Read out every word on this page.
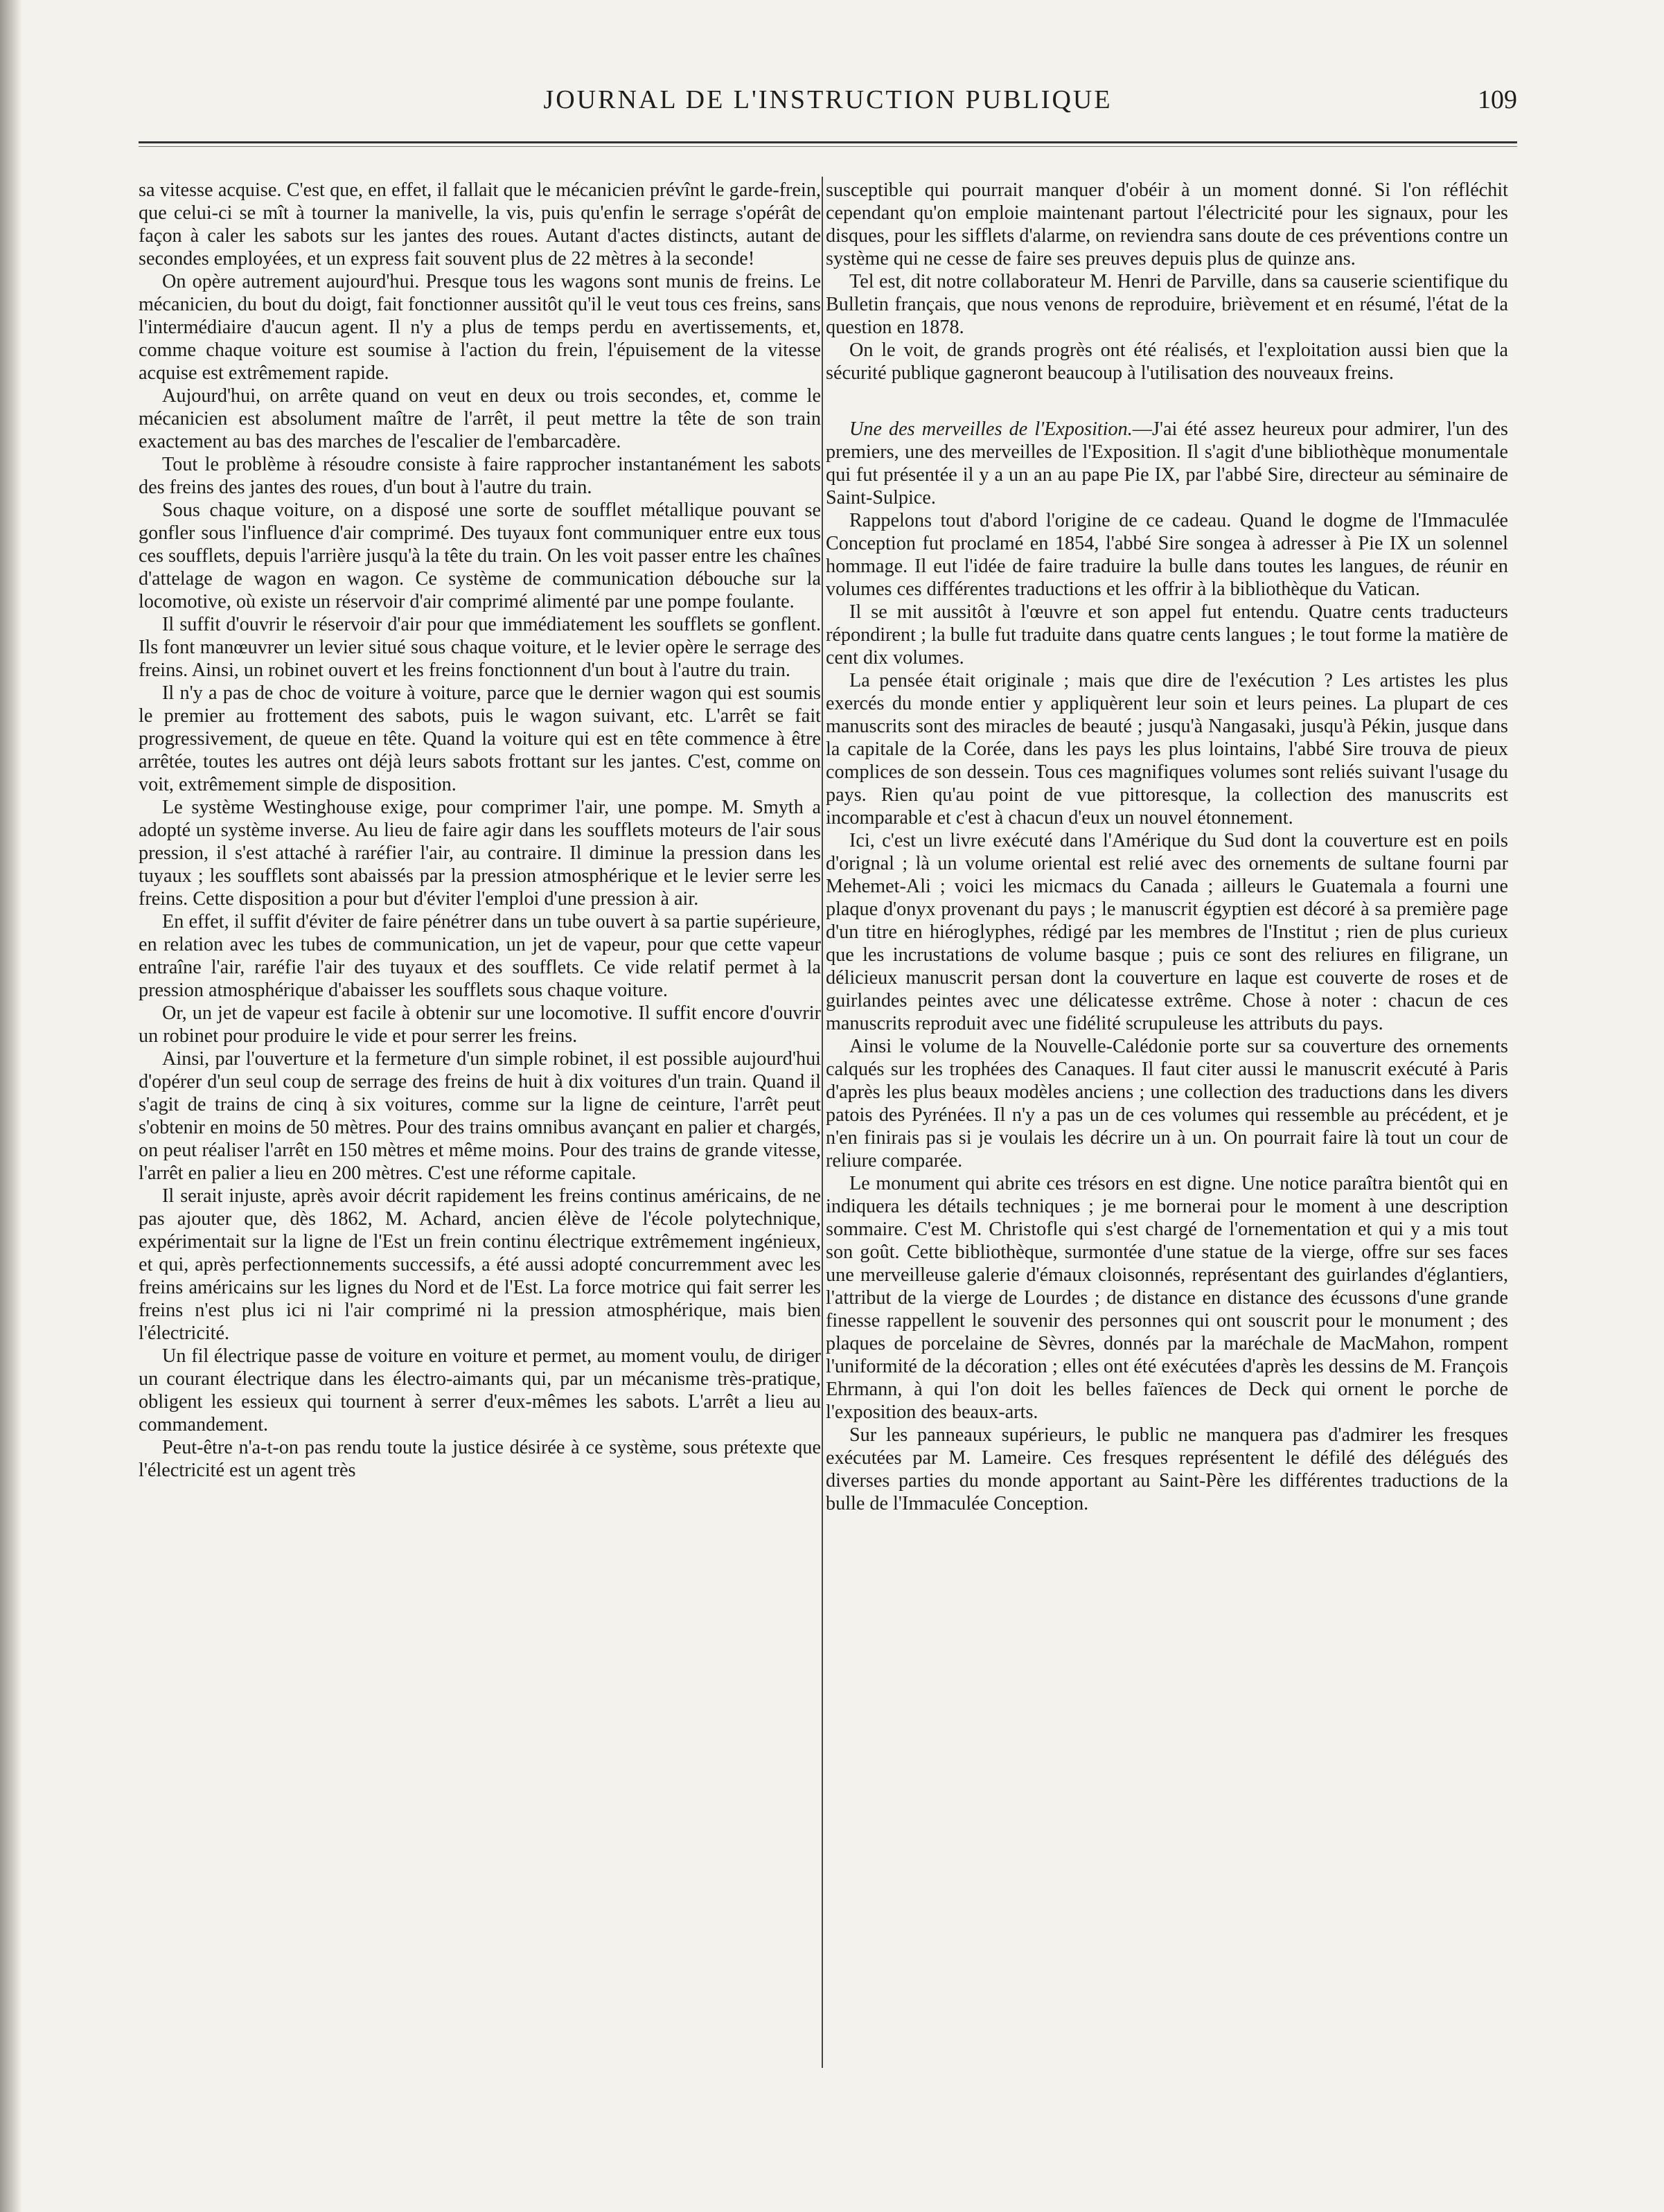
JOURNAL DE L'INSTRUCTION PUBLIQUE	109

sa vitesse acquise. C'est que, en effet, il fallait que le mécanicien prévînt le garde-frein, que celui-ci se mît à tourner la manivelle, la vis, puis qu'enfin le serrage s'opérât de façon à caler les sabots sur les jantes des roues. Autant d'actes distincts, autant de secondes employées, et un express fait souvent plus de 22 mètres à la seconde!

On opère autrement aujourd'hui. Presque tous les wagons sont munis de freins. Le mécanicien, du bout du doigt, fait fonctionner aussitôt qu'il le veut tous ces freins, sans l'intermédiaire d'aucun agent. Il n'y a plus de temps perdu en avertissements, et, comme chaque voiture est soumise à l'action du frein, l'épuisement de la vitesse acquise est extrêmement rapide.

Aujourd'hui, on arrête quand on veut en deux ou trois secondes, et, comme le mécanicien est absolument maître de l'arrêt, il peut mettre la tête de son train exactement au bas des marches de l'escalier de l'embarcadère.

Tout le problème à résoudre consiste à faire rapprocher instantanément les sabots des freins des jantes des roues, d'un bout à l'autre du train.

Sous chaque voiture, on a disposé une sorte de soufflet métallique pouvant se gonfler sous l'influence d'air comprimé. Des tuyaux font communiquer entre eux tous ces soufflets, depuis l'arrière jusqu'à la tête du train. On les voit passer entre les chaînes d'attelage de wagon en wagon. Ce système de communication débouche sur la locomotive, où existe un réservoir d'air comprimé alimenté par une pompe foulante.

Il suffit d'ouvrir le réservoir d'air pour que immédiatement les soufflets se gonflent. Ils font manœuvrer un levier situé sous chaque voiture, et le levier opère le serrage des freins. Ainsi, un robinet ouvert et les freins fonctionnent d'un bout à l'autre du train.

Il n'y a pas de choc de voiture à voiture, parce que le dernier wagon qui est soumis le premier au frottement des sabots, puis le wagon suivant, etc. L'arrêt se fait progressivement, de queue en tête. Quand la voiture qui est en tête commence à être arrêtée, toutes les autres ont déjà leurs sabots frottant sur les jantes. C'est, comme on voit, extrêmement simple de disposition.

Le système Westinghouse exige, pour comprimer l'air, une pompe. M. Smyth a adopté un système inverse. Au lieu de faire agir dans les soufflets moteurs de l'air sous pression, il s'est attaché à raréfier l'air, au contraire. Il diminue la pression dans les tuyaux ; les soufflets sont abaissés par la pression atmosphérique et le levier serre les freins. Cette disposition a pour but d'éviter l'emploi d'une pression à air.

En effet, il suffit d'éviter de faire pénétrer dans un tube ouvert à sa partie supérieure, en relation avec les tubes de communication, un jet de vapeur, pour que cette vapeur entraîne l'air, raréfie l'air des tuyaux et des soufflets. Ce vide relatif permet à la pression atmosphérique d'abaisser les soufflets sous chaque voiture.

Or, un jet de vapeur est facile à obtenir sur une locomotive. Il suffit encore d'ouvrir un robinet pour produire le vide et pour serrer les freins.

Ainsi, par l'ouverture et la fermeture d'un simple robinet, il est possible aujourd'hui d'opérer d'un seul coup de serrage des freins de huit à dix voitures d'un train. Quand il s'agit de trains de cinq à six voitures, comme sur la ligne de ceinture, l'arrêt peut s'obtenir en moins de 50 mètres. Pour des trains omnibus avançant en palier et chargés, on peut réaliser l'arrêt en 150 mètres et même moins. Pour des trains de grande vitesse, l'arrêt en palier a lieu en 200 mètres. C'est une réforme capitale.

Il serait injuste, après avoir décrit rapidement les freins continus américains, de ne pas ajouter que, dès 1862, M. Achard, ancien élève de l'école polytechnique, expérimentait sur la ligne de l'Est un frein continu électrique extrêmement ingénieux, et qui, après perfectionnements successifs, a été aussi adopté concurremment avec les freins américains sur les lignes du Nord et de l'Est. La force motrice qui fait serrer les freins n'est plus ici ni l'air comprimé ni la pression atmosphérique, mais bien l'électricité.

Un fil électrique passe de voiture en voiture et permet, au moment voulu, de diriger un courant électrique dans les électro-aimants qui, par un mécanisme très-pratique, obligent les essieux qui tournent à serrer d'eux-mêmes les sabots. L'arrêt a lieu au commandement.

Peut-être n'a-t-on pas rendu toute la justice désirée à ce système, sous prétexte que l'électricité est un agent très

susceptible qui pourrait manquer d'obéir à un moment donné. Si l'on réfléchit cependant qu'on emploie maintenant partout l'électricité pour les signaux, pour les disques, pour les sifflets d'alarme, on reviendra sans doute de ces préventions contre un système qui ne cesse de faire ses preuves depuis plus de quinze ans.

Tel est, dit notre collaborateur M. Henri de Parville, dans sa causerie scientifique du Bulletin français, que nous venons de reproduire, brièvement et en résumé, l'état de la question en 1878.

On le voit, de grands progrès ont été réalisés, et l'exploitation aussi bien que la sécurité publique gagneront beaucoup à l'utilisation des nouveaux freins.

Une des merveilles de l'Exposition.—J'ai été assez heureux pour admirer, l'un des premiers, une des merveilles de l'Exposition. Il s'agit d'une bibliothèque monumentale qui fut présentée il y a un an au pape Pie IX, par l'abbé Sire, directeur au séminaire de Saint-Sulpice.

Rappelons tout d'abord l'origine de ce cadeau. Quand le dogme de l'Immaculée Conception fut proclamé en 1854, l'abbé Sire songea à adresser à Pie IX un solennel hommage. Il eut l'idée de faire traduire la bulle dans toutes les langues, de réunir en volumes ces différentes traductions et les offrir à la bibliothèque du Vatican.

Il se mit aussitôt à l'œuvre et son appel fut entendu. Quatre cents traducteurs répondirent ; la bulle fut traduite dans quatre cents langues ; le tout forme la matière de cent dix volumes.

La pensée était originale ; mais que dire de l'exécution ? Les artistes les plus exercés du monde entier y appliquèrent leur soin et leurs peines. La plupart de ces manuscrits sont des miracles de beauté ; jusqu'à Nangasaki, jusqu'à Pékin, jusque dans la capitale de la Corée, dans les pays les plus lointains, l'abbé Sire trouva de pieux complices de son dessein. Tous ces magnifiques volumes sont reliés suivant l'usage du pays. Rien qu'au point de vue pittoresque, la collection des manuscrits est incomparable et c'est à chacun d'eux un nouvel étonnement.

Ici, c'est un livre exécuté dans l'Amérique du Sud dont la couverture est en poils d'orignal ; là un volume oriental est relié avec des ornements de sultane fourni par Mehemet-Ali ; voici les micmacs du Canada ; ailleurs le Guatemala a fourni une plaque d'onyx provenant du pays ; le manuscrit égyptien est décoré à sa première page d'un titre en hiéroglyphes, rédigé par les membres de l'Institut ; rien de plus curieux que les incrustations de volume basque ; puis ce sont des reliures en filigrane, un délicieux manuscrit persan dont la couverture en laque est couverte de roses et de guirlandes peintes avec une délicatesse extrême. Chose à noter : chacun de ces manuscrits reproduit avec une fidélité scrupuleuse les attributs du pays.

Ainsi le volume de la Nouvelle-Calédonie porte sur sa couverture des ornements calqués sur les trophées des Canaques. Il faut citer aussi le manuscrit exécuté à Paris d'après les plus beaux modèles anciens ; une collection des traductions dans les divers patois des Pyrénées. Il n'y a pas un de ces volumes qui ressemble au précédent, et je n'en finirais pas si je voulais les décrire un à un. On pourrait faire là tout un cour de reliure comparée.

Le monument qui abrite ces trésors en est digne. Une notice paraîtra bientôt qui en indiquera les détails techniques ; je me bornerai pour le moment à une description sommaire. C'est M. Christofle qui s'est chargé de l'ornementation et qui y a mis tout son goût. Cette bibliothèque, surmontée d'une statue de la vierge, offre sur ses faces une merveilleuse galerie d'émaux cloisonnés, représentant des guirlandes d'églantiers, l'attribut de la vierge de Lourdes ; de distance en distance des écussons d'une grande finesse rappellent le souvenir des personnes qui ont souscrit pour le monument ; des plaques de porcelaine de Sèvres, donnés par la maréchale de MacMahon, rompent l'uniformité de la décoration ; elles ont été exécutées d'après les dessins de M. François Ehrmann, à qui l'on doit les belles faïences de Deck qui ornent le porche de l'exposition des beaux-arts.

Sur les panneaux supérieurs, le public ne manquera pas d'admirer les fresques exécutées par M. Lameire. Ces fresques représentent le défilé des délégués des diverses parties du monde apportant au Saint-Père les différentes traductions de la bulle de l'Immaculée Conception.
